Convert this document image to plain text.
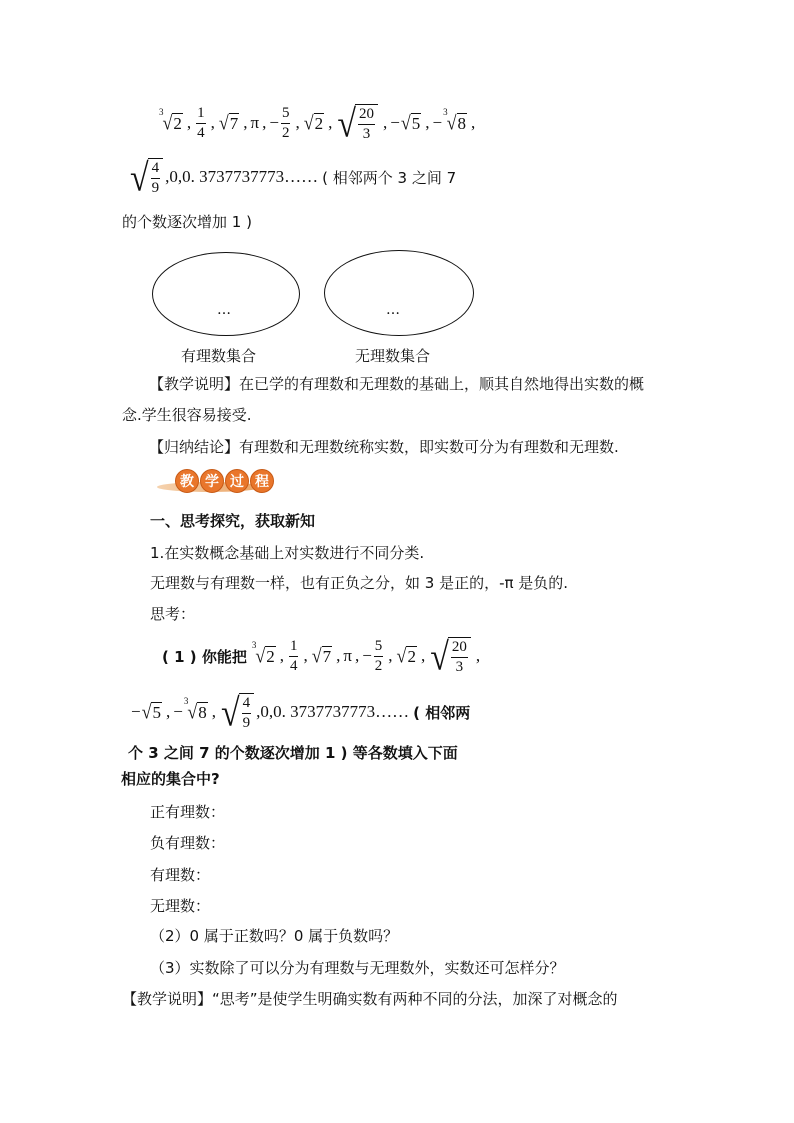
3 √ 2 , $\frac{1}{4}$ , √ 7 , π , − $\frac{5}{2}$ , √ 2 , √ $\frac{20}{3}$ , − √ 5 , −
3 √ 8 ,
√ $\frac{4}{9} ,0,0$. 3737737773…… ( 相邻两个 3 之间 7
的个数逐次增加 1 )
…	…
有理数集合	无理数集合
【教学说明】在已学的有理数和无理数的基础上，顺其自然地得出实数的概
念.学生很容易接受.
【归纳结论】有理数和无理数统称实数，即实数可分为有理数和无理数.
教 学 过 程
一、思考探究，获取新知
1.在实数概念基础上对实数进行不同分类.
无理数与有理数一样，也有正负之分，如 3 是正的，-π 是负的.
思考：
( 1 ) 你能把
3 √ 2 , $\frac{1}{4}$ , √ 7 , π , − $\frac{5}{2}$ , √ 2 , √ $\frac{20}{3}$ ,
− √ 5 , −
3 √ 8 , √ $\frac{4}{9} ,0,0$. 3737737773…… ( 相邻两
个 3 之间 7 的个数逐次增加 1 ) 等各数填入下面
相应的集合中?
正有理数：
负有理数：
有理数：
无理数：
（2）0 属于正数吗？0 属于负数吗？
（3）实数除了可以分为有理数与无理数外，实数还可怎样分？
【教学说明】“思考”是使学生明确实数有两种不同的分法，加深了对概念的
